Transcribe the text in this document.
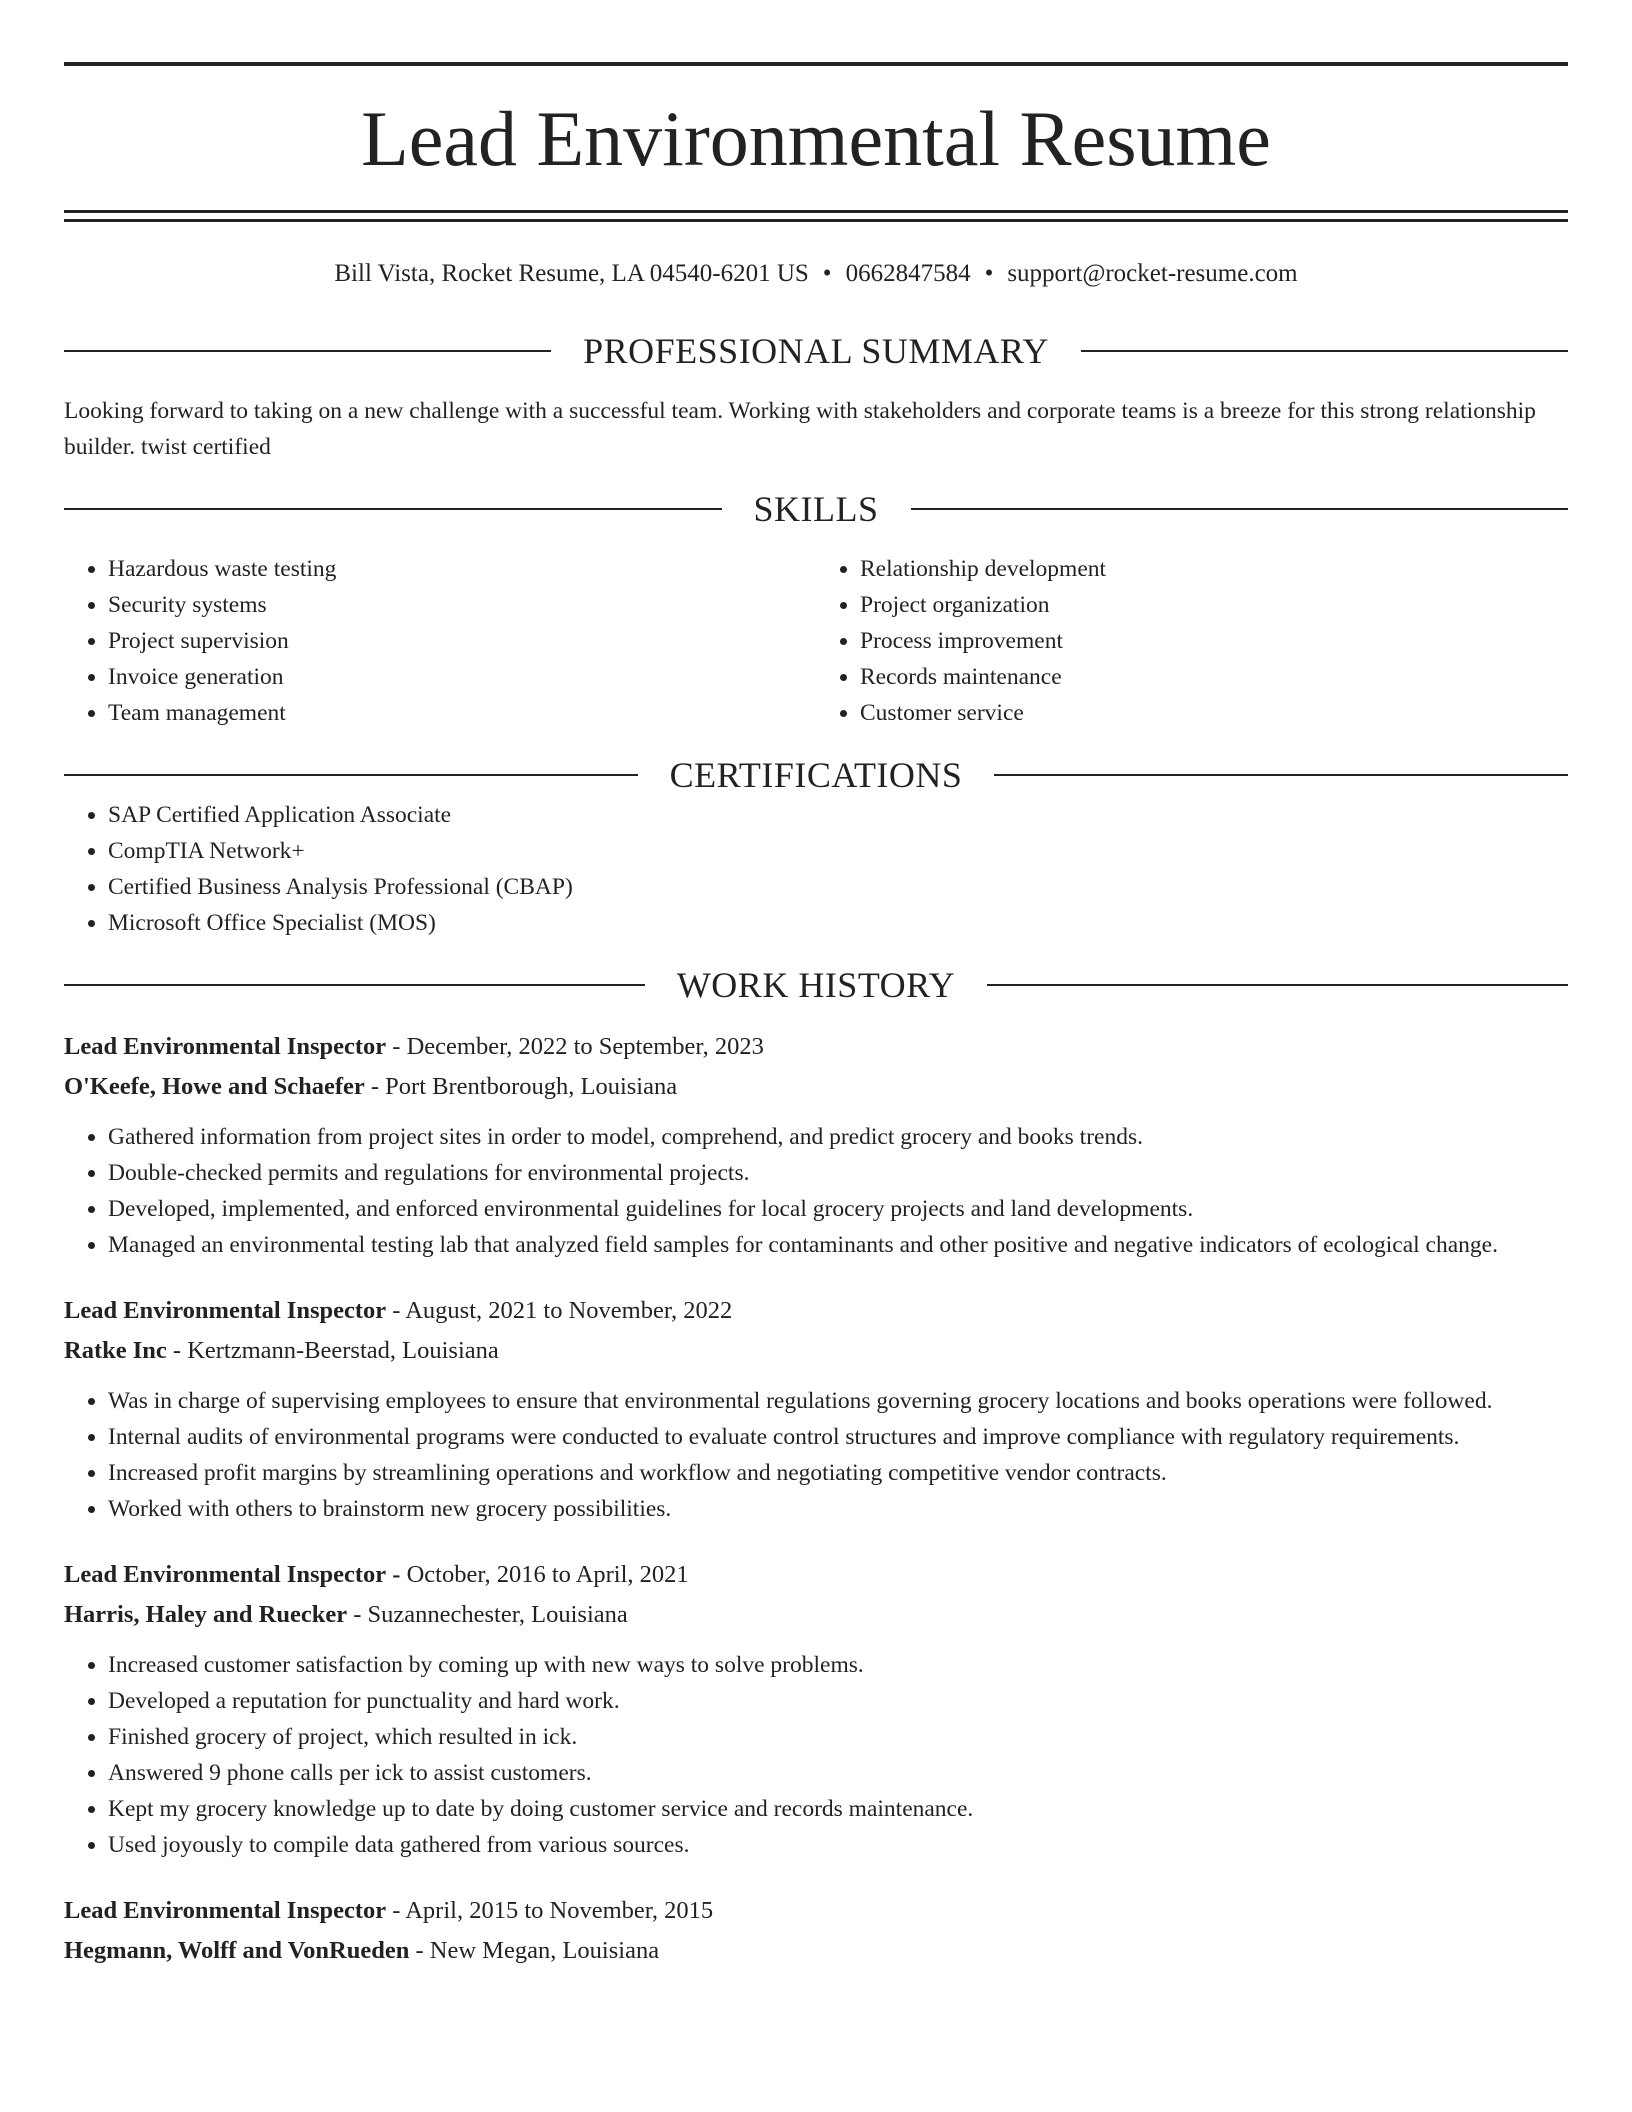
Lead Environmental Resume
Bill Vista, Rocket Resume, LA 04540-6201 US • 0662847584 • support@rocket-resume.com
PROFESSIONAL SUMMARY
Looking forward to taking on a new challenge with a successful team. Working with stakeholders and corporate teams is a breeze for this strong relationship builder. twist certified
SKILLS
• Hazardous waste testing
• Security systems
• Project supervision
• Invoice generation
• Team management
• Relationship development
• Project organization
• Process improvement
• Records maintenance
• Customer service
CERTIFICATIONS
• SAP Certified Application Associate
• CompTIA Network+
• Certified Business Analysis Professional (CBAP)
• Microsoft Office Specialist (MOS)
WORK HISTORY
Lead Environmental Inspector - December, 2022 to September, 2023
O'Keefe, Howe and Schaefer - Port Brentborough, Louisiana
• Gathered information from project sites in order to model, comprehend, and predict grocery and books trends.
• Double-checked permits and regulations for environmental projects.
• Developed, implemented, and enforced environmental guidelines for local grocery projects and land developments.
• Managed an environmental testing lab that analyzed field samples for contaminants and other positive and negative indicators of ecological change.
Lead Environmental Inspector - August, 2021 to November, 2022
Ratke Inc - Kertzmann-Beerstad, Louisiana
• Was in charge of supervising employees to ensure that environmental regulations governing grocery locations and books operations were followed.
• Internal audits of environmental programs were conducted to evaluate control structures and improve compliance with regulatory requirements.
• Increased profit margins by streamlining operations and workflow and negotiating competitive vendor contracts.
• Worked with others to brainstorm new grocery possibilities.
Lead Environmental Inspector - October, 2016 to April, 2021
Harris, Haley and Ruecker - Suzannechester, Louisiana
• Increased customer satisfaction by coming up with new ways to solve problems.
• Developed a reputation for punctuality and hard work.
• Finished grocery of project, which resulted in ick.
• Answered 9 phone calls per ick to assist customers.
• Kept my grocery knowledge up to date by doing customer service and records maintenance.
• Used joyously to compile data gathered from various sources.
Lead Environmental Inspector - April, 2015 to November, 2015
Hegmann, Wolff and VonRueden - New Megan, Louisiana
